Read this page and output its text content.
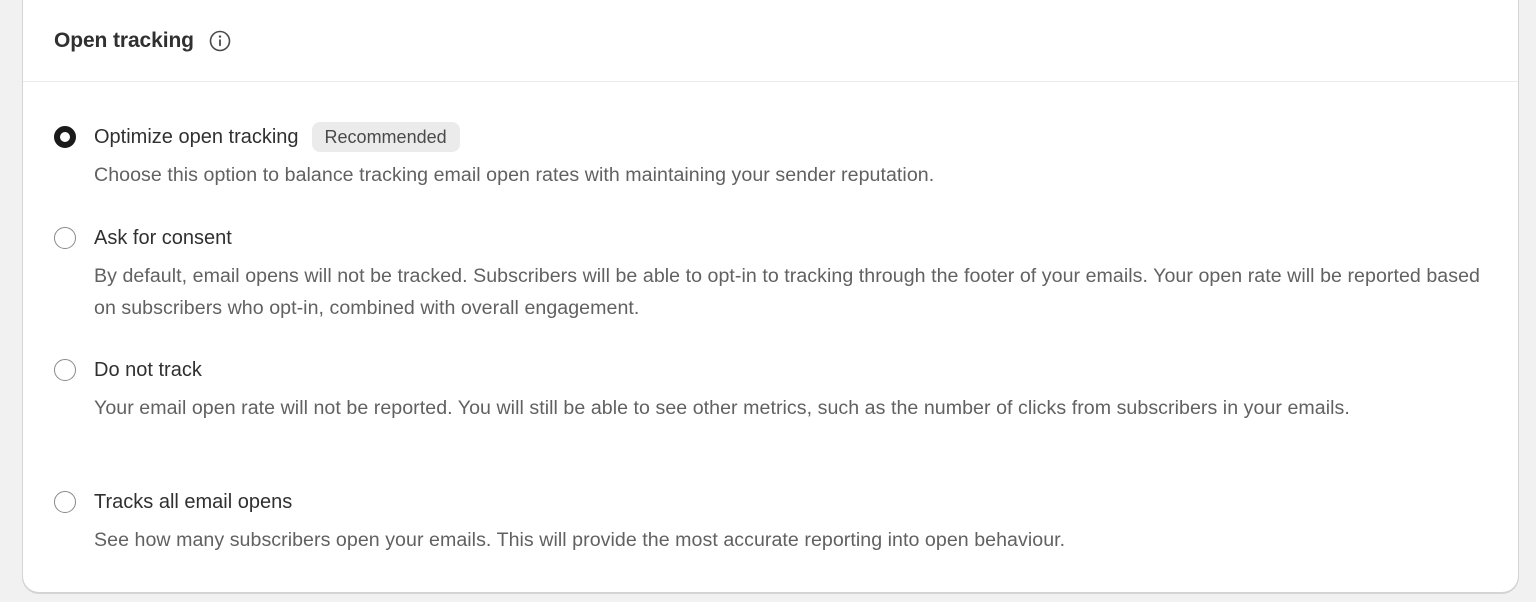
Open tracking
Optimize open tracking	Recommended
Choose this option to balance tracking email open rates with maintaining your sender reputation.
Ask for consent
By default, email opens will not be tracked. Subscribers will be able to opt-in to tracking through the footer of your emails. Your open rate will be reported based on subscribers who opt-in, combined with overall engagement.
Do not track
Your email open rate will not be reported. You will still be able to see other metrics, such as the number of clicks from subscribers in your emails.
Tracks all email opens
See how many subscribers open your emails. This will provide the most accurate reporting into open behaviour.
